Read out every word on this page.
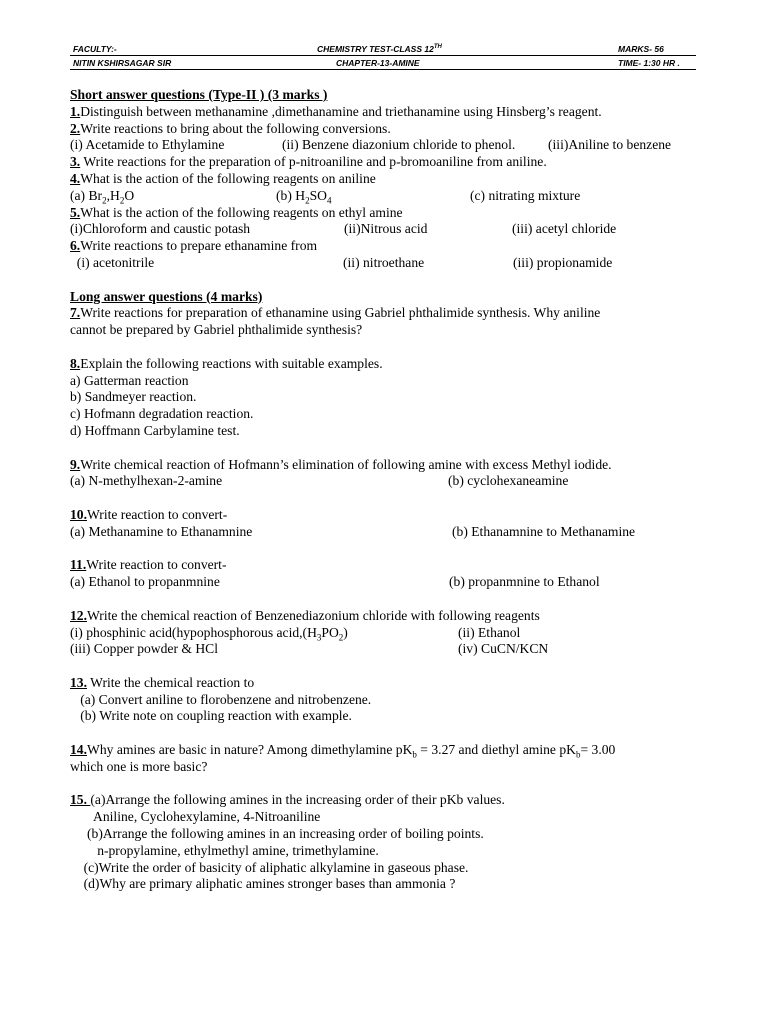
FACULTY:-	CHEMISTRY TEST-CLASS 12TH	MARKS- 56
NITIN KSHIRSAGAR SIR	CHAPTER-13-AMINE	TIME- 1:30 HR .
Short answer questions (Type-II ) (3 marks )
1.Distinguish between methanamine ,dimethanamine and triethanamine using Hinsberg’s reagent.
2.Write reactions to bring about the following conversions.
(i) Acetamide to Ethylamine	(ii) Benzene diazonium chloride to phenol. (iii)Aniline to benzene
3. Write reactions for the preparation of p-nitroaniline and p-bromoaniline from aniline.
4.What is the action of the following reagents on aniline
(a) $Br_2,H_2O$	(b) $H_2SO_4$	(c) nitrating mixture
5.What is the action of the following reagents on ethyl amine
(i)Chloroform and caustic potash	(ii)Nitrous acid	(iii) acetyl chloride
6.Write reactions to prepare ethanamine from
(i) acetonitrile	(ii) nitroethane	(iii) propionamide
Long answer questions (4 marks)
7.Write reactions for preparation of ethanamine using Gabriel phthalimide synthesis. Why aniline
cannot be prepared by Gabriel phthalimide synthesis?
8.Explain the following reactions with suitable examples.
a) Gatterman reaction
b) Sandmeyer reaction.
c) Hofmann degradation reaction.
d) Hoffmann Carbylamine test.
9.Write chemical reaction of Hofmann’s elimination of following amine with excess Methyl iodide.
(a) N-methylhexan-2-amine	(b) cyclohexaneamine
10.Write reaction to convert-
(a) Methanamine to Ethanamnine	(b) Ethanamnine to Methanamine
11.Write reaction to convert-
(a) Ethanol to propanmnine	(b) propanmnine to Ethanol
12.Write the chemical reaction of Benzenediazonium chloride with following reagents
(i) phosphinic acid(hypophosphorous $acid,(H_3PO_2)$	(ii) Ethanol
(iii) Copper powder & HCl	(iv) CuCN/KCN
13. Write the chemical reaction to
(a) Convert aniline to florobenzene and nitrobenzene.
(b) Write note on coupling reaction with example.
14.Why amines are basic in nature? Among dimethylamine $pK_b = 3.27$ and diethyl amine $pK_b= 3.00$
which one is more basic?
15. (a)Arrange the following amines in the increasing order of their pKb values.
Aniline, Cyclohexylamine, 4-Nitroaniline
(b)Arrange the following amines in an increasing order of boiling points.
n-propylamine, ethylmethyl amine, trimethylamine.
(c)Write the order of basicity of aliphatic alkylamine in gaseous phase.
(d)Why are primary aliphatic amines stronger bases than ammonia ?
